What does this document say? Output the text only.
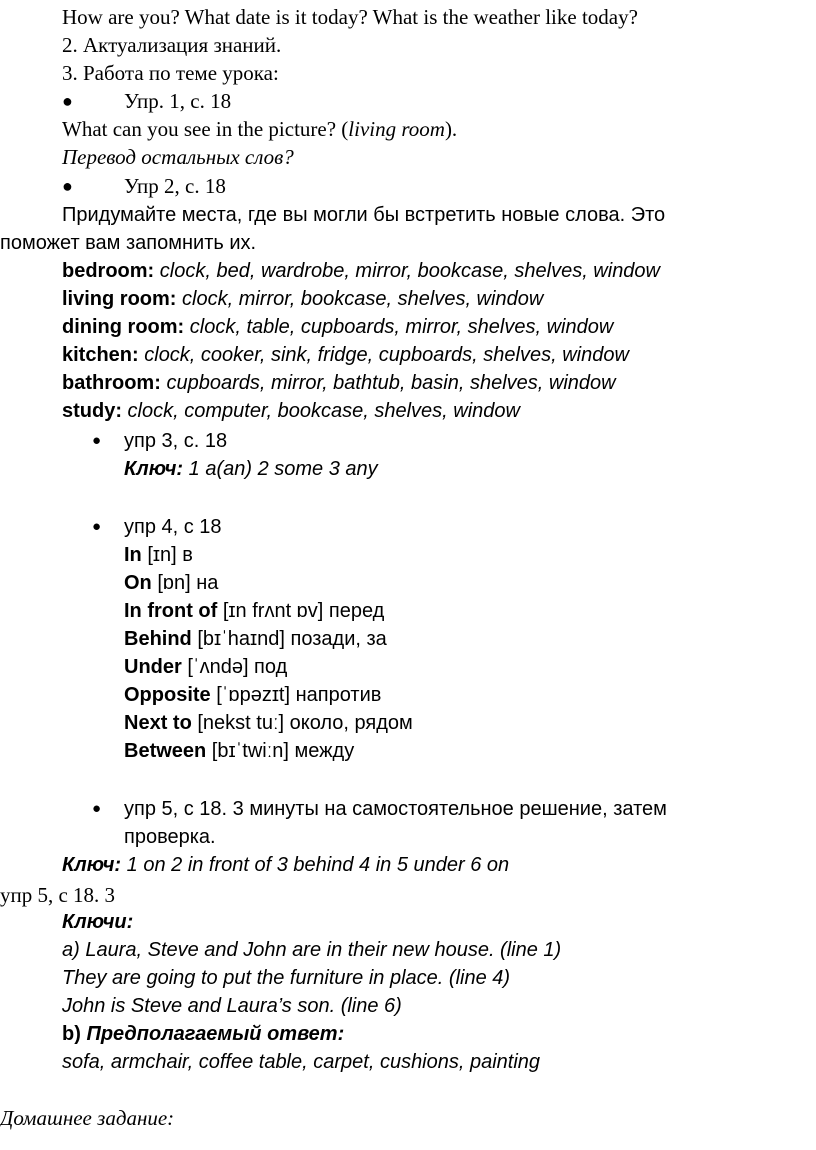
How are you? What date is it today? What is the weather like today?
2. Актуализация знаний.
3. Работа по теме урока:
● Упр. 1, с. 18
What can you see in the picture? (living room).
Перевод остальных слов?
● Упр 2, с. 18
Придумайте места, где вы могли бы встретить новые слова. Это
поможет вам запомнить их.
bedroom: clock, bed, wardrobe, mirror, bookcase, shelves, window
living room: clock, mirror, bookcase, shelves, window
dining room: clock, table, cupboards, mirror, shelves, window
kitchen: clock, cooker, sink, fridge, cupboards, shelves, window
bathroom: cupboards, mirror, bathtub, basin, shelves, window
study: clock, computer, bookcase, shelves, window
● упр 3, с. 18
Ключ: 1 a(an) 2 some 3 any
● упр 4, с 18
In [ɪn] в
On [ɒn] на
In front of [ɪn frʌnt ɒv] перед
Behind [bɪˈhaɪnd] позади, за
Under [ˈʌndə] под
Opposite [ˈɒpəzɪt] напротив
Next to [nekst tuː] около, рядом
Between [bɪˈtwiːn] между
● упр 5, с 18. 3 минуты на самостоятельное решение, затем
проверка.
Ключ: 1 on 2 in front of 3 behind 4 in 5 under 6 on
упр 5, с 18. 3
Ключи:
a) Laura, Steve and John are in their new house. (line 1)
They are going to put the furniture in place. (line 4)
John is Steve and Laura’s son. (line 6)
b) Предполагаемый ответ:
sofa, armchair, coffee table, carpet, cushions, painting
Домашнее задание:
